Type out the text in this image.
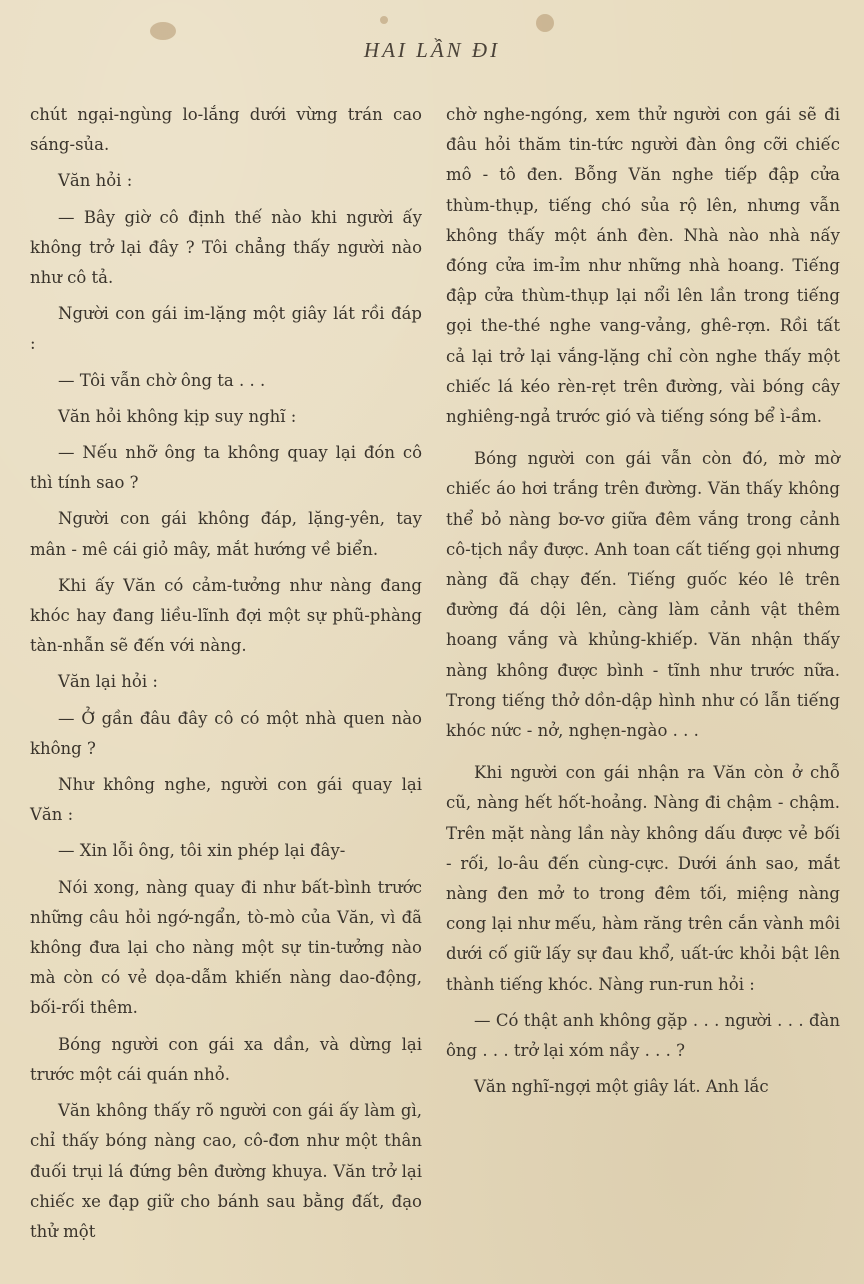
HAI LẦN ĐI

chút ngại-ngùng lo-lắng dưới vừng trán cao sáng-sủa.

Văn hỏi :

— Bây giờ cô định thế nào khi người ấy không trở lại đây ? Tôi chẳng thấy người nào như cô tả.

Người con gái im-lặng một giây lát rồi đáp :

— Tôi vẫn chờ ông ta . . .

Văn hỏi không kịp suy nghĩ :

— Nếu nhỡ ông ta không quay lại đón cô thì tính sao ?

Người con gái không đáp, lặng-yên, tay mân - mê cái giỏ mây, mắt hướng về biển.

Khi ấy Văn có cảm-tưởng như nàng đang khóc hay đang liều-lĩnh đợi một sự phũ-phàng tàn-nhẫn sẽ đến với nàng.

Văn lại hỏi :

— Ở gần đâu đây cô có một nhà quen nào không ?

Như không nghe, người con gái quay lại Văn :

— Xin lỗi ông, tôi xin phép lại đây-

Nói xong, nàng quay đi như bất-bình trước những câu hỏi ngớ-ngẩn, tò-mò của Văn, vì đã không đưa lại cho nàng một sự tin-tưởng nào mà còn có vẻ dọa-dẫm khiến nàng dao-động, bối-rối thêm.

Bóng người con gái xa dần, và dừng lại trước một cái quán nhỏ.

Văn không thấy rõ người con gái ấy làm gì, chỉ thấy bóng nàng cao, cô-đơn như một thân đuối trụi lá đứng bên đường khuya. Văn trở lại chiếc xe đạp giữ cho bánh sau bằng đất, đạo thử một

chờ nghe-ngóng, xem thử người con gái sẽ đi đâu hỏi thăm tin-tức người đàn ông cỡi chiếc mô - tô đen. Bỗng Văn nghe tiếp đập cửa thùm-thụp, tiếng chó sủa rộ lên, nhưng vẫn không thấy một ánh đèn. Nhà nào nhà nấy đóng cửa im-ỉm như những nhà hoang. Tiếng đập cửa thùm-thụp lại nổi lên lần trong tiếng gọi the-thé nghe vang-vảng, ghê-rợn. Rồi tất cả lại trở lại vắng-lặng chỉ còn nghe thấy một chiếc lá kéo rèn-rẹt trên đường, vài bóng cây nghiêng-ngả trước gió và tiếng sóng bể ì-ầm.

Bóng người con gái vẫn còn đó, mờ mờ chiếc áo hơi trắng trên đường. Văn thấy không thể bỏ nàng bơ-vơ giữa đêm vắng trong cảnh cô-tịch nầy được. Anh toan cất tiếng gọi nhưng nàng đã chạy đến. Tiếng guốc kéo lê trên đường đá dội lên, càng làm cảnh vật thêm hoang vắng và khủng-khiếp. Văn nhận thấy nàng không được bình - tĩnh như trước nữa. Trong tiếng thở dồn-dập hình như có lẫn tiếng khóc nức - nở, nghẹn-ngào . . .

Khi người con gái nhận ra Văn còn ở chỗ cũ, nàng hết hốt-hoảng. Nàng đi chậm - chậm. Trên mặt nàng lần này không dấu được vẻ bối - rối, lo-âu đến cùng-cực. Dưới ánh sao, mắt nàng đen mở to trong đêm tối, miệng nàng cong lại như mếu, hàm răng trên cắn vành môi dưới cố giữ lấy sự đau khổ, uất-ức khỏi bật lên thành tiếng khóc. Nàng run-run hỏi :

— Có thật anh không gặp . . . người . . . đàn ông . . . trở lại xóm nầy . . . ?

Văn nghĩ-ngợi một giây lát. Anh lắc
